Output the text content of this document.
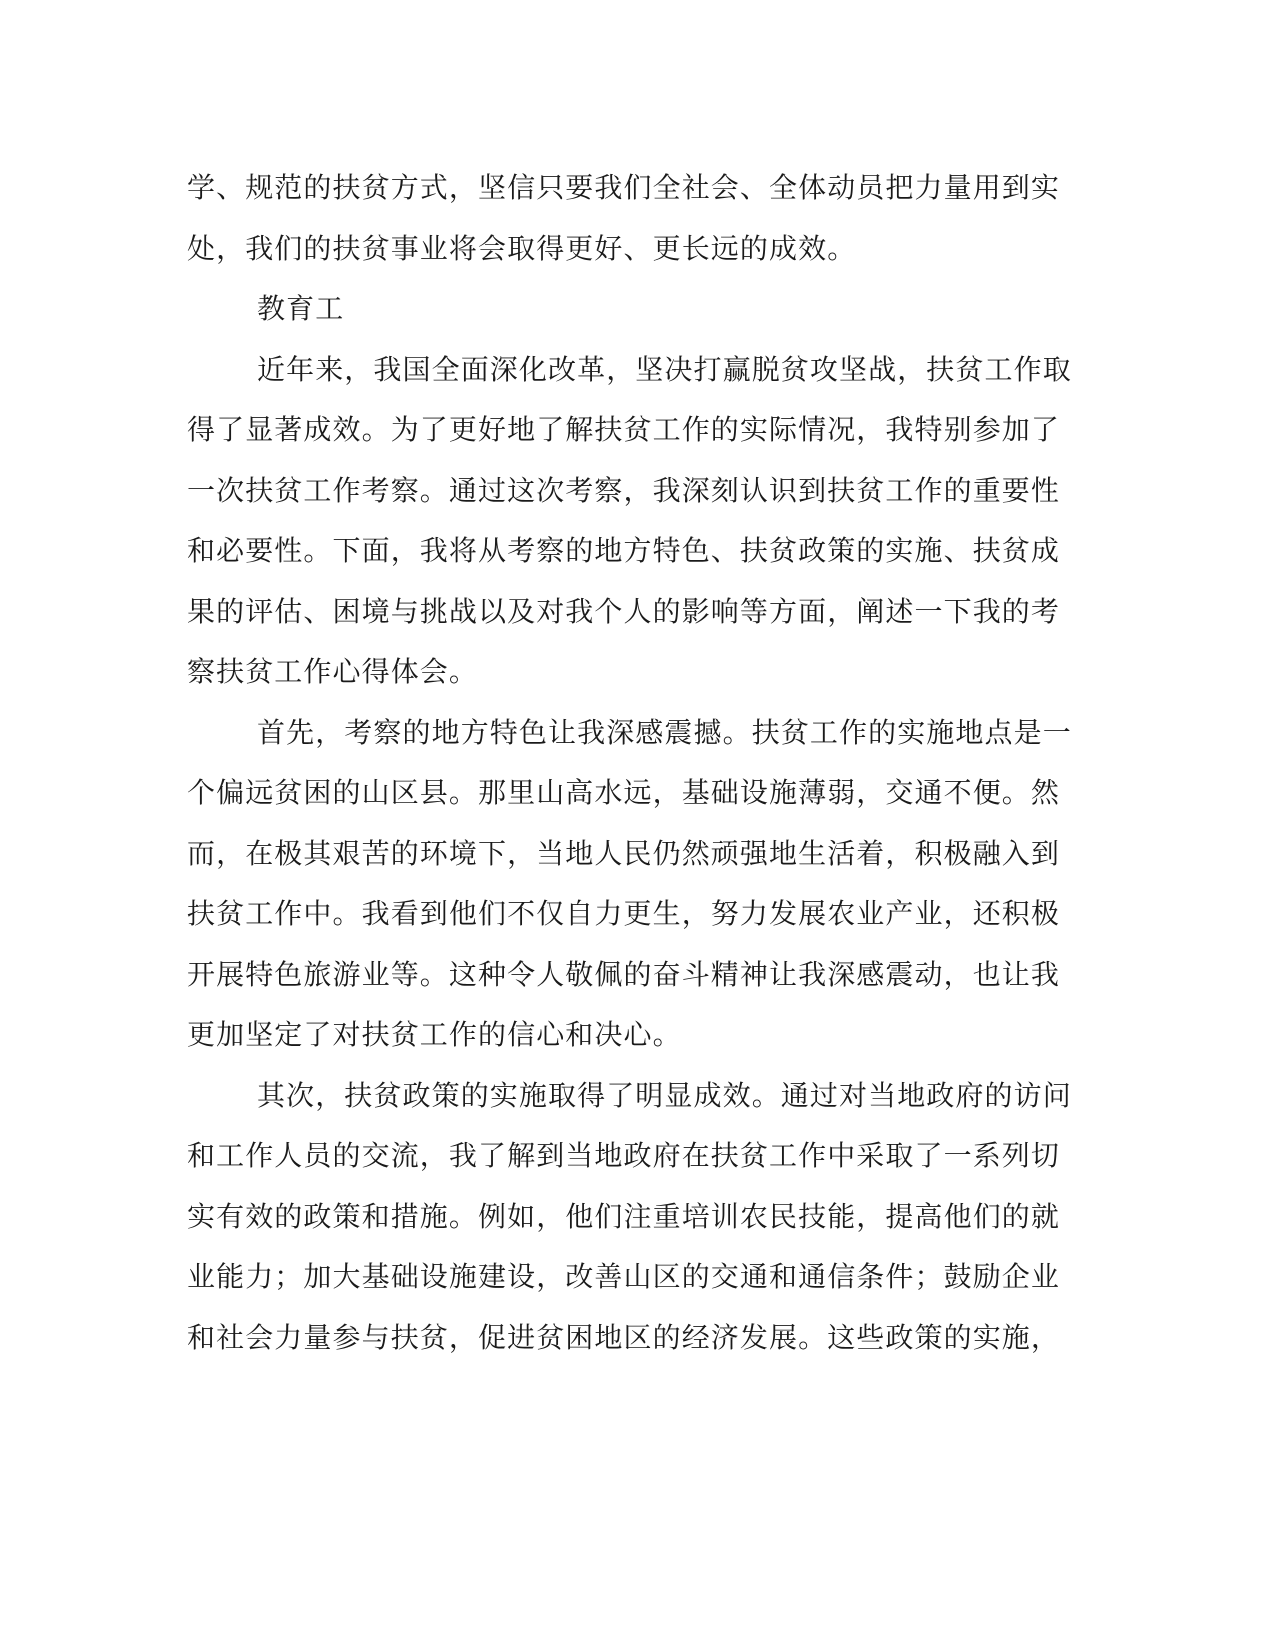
学、规范的扶贫方式，坚信只要我们全社会、全体动员把力量用到实
处，我们的扶贫事业将会取得更好、更长远的成效。
教育工
近年来，我国全面深化改革，坚决打赢脱贫攻坚战，扶贫工作取
得了显著成效。为了更好地了解扶贫工作的实际情况，我特别参加了
一次扶贫工作考察。通过这次考察，我深刻认识到扶贫工作的重要性
和必要性。下面，我将从考察的地方特色、扶贫政策的实施、扶贫成
果的评估、困境与挑战以及对我个人的影响等方面，阐述一下我的考
察扶贫工作心得体会。
首先，考察的地方特色让我深感震撼。扶贫工作的实施地点是一
个偏远贫困的山区县。那里山高水远，基础设施薄弱，交通不便。然
而，在极其艰苦的环境下，当地人民仍然顽强地生活着，积极融入到
扶贫工作中。我看到他们不仅自力更生，努力发展农业产业，还积极
开展特色旅游业等。这种令人敬佩的奋斗精神让我深感震动，也让我
更加坚定了对扶贫工作的信心和决心。
其次，扶贫政策的实施取得了明显成效。通过对当地政府的访问
和工作人员的交流，我了解到当地政府在扶贫工作中采取了一系列切
实有效的政策和措施。例如，他们注重培训农民技能，提高他们的就
业能力；加大基础设施建设，改善山区的交通和通信条件；鼓励企业
和社会力量参与扶贫，促进贫困地区的经济发展。这些政策的实施，
